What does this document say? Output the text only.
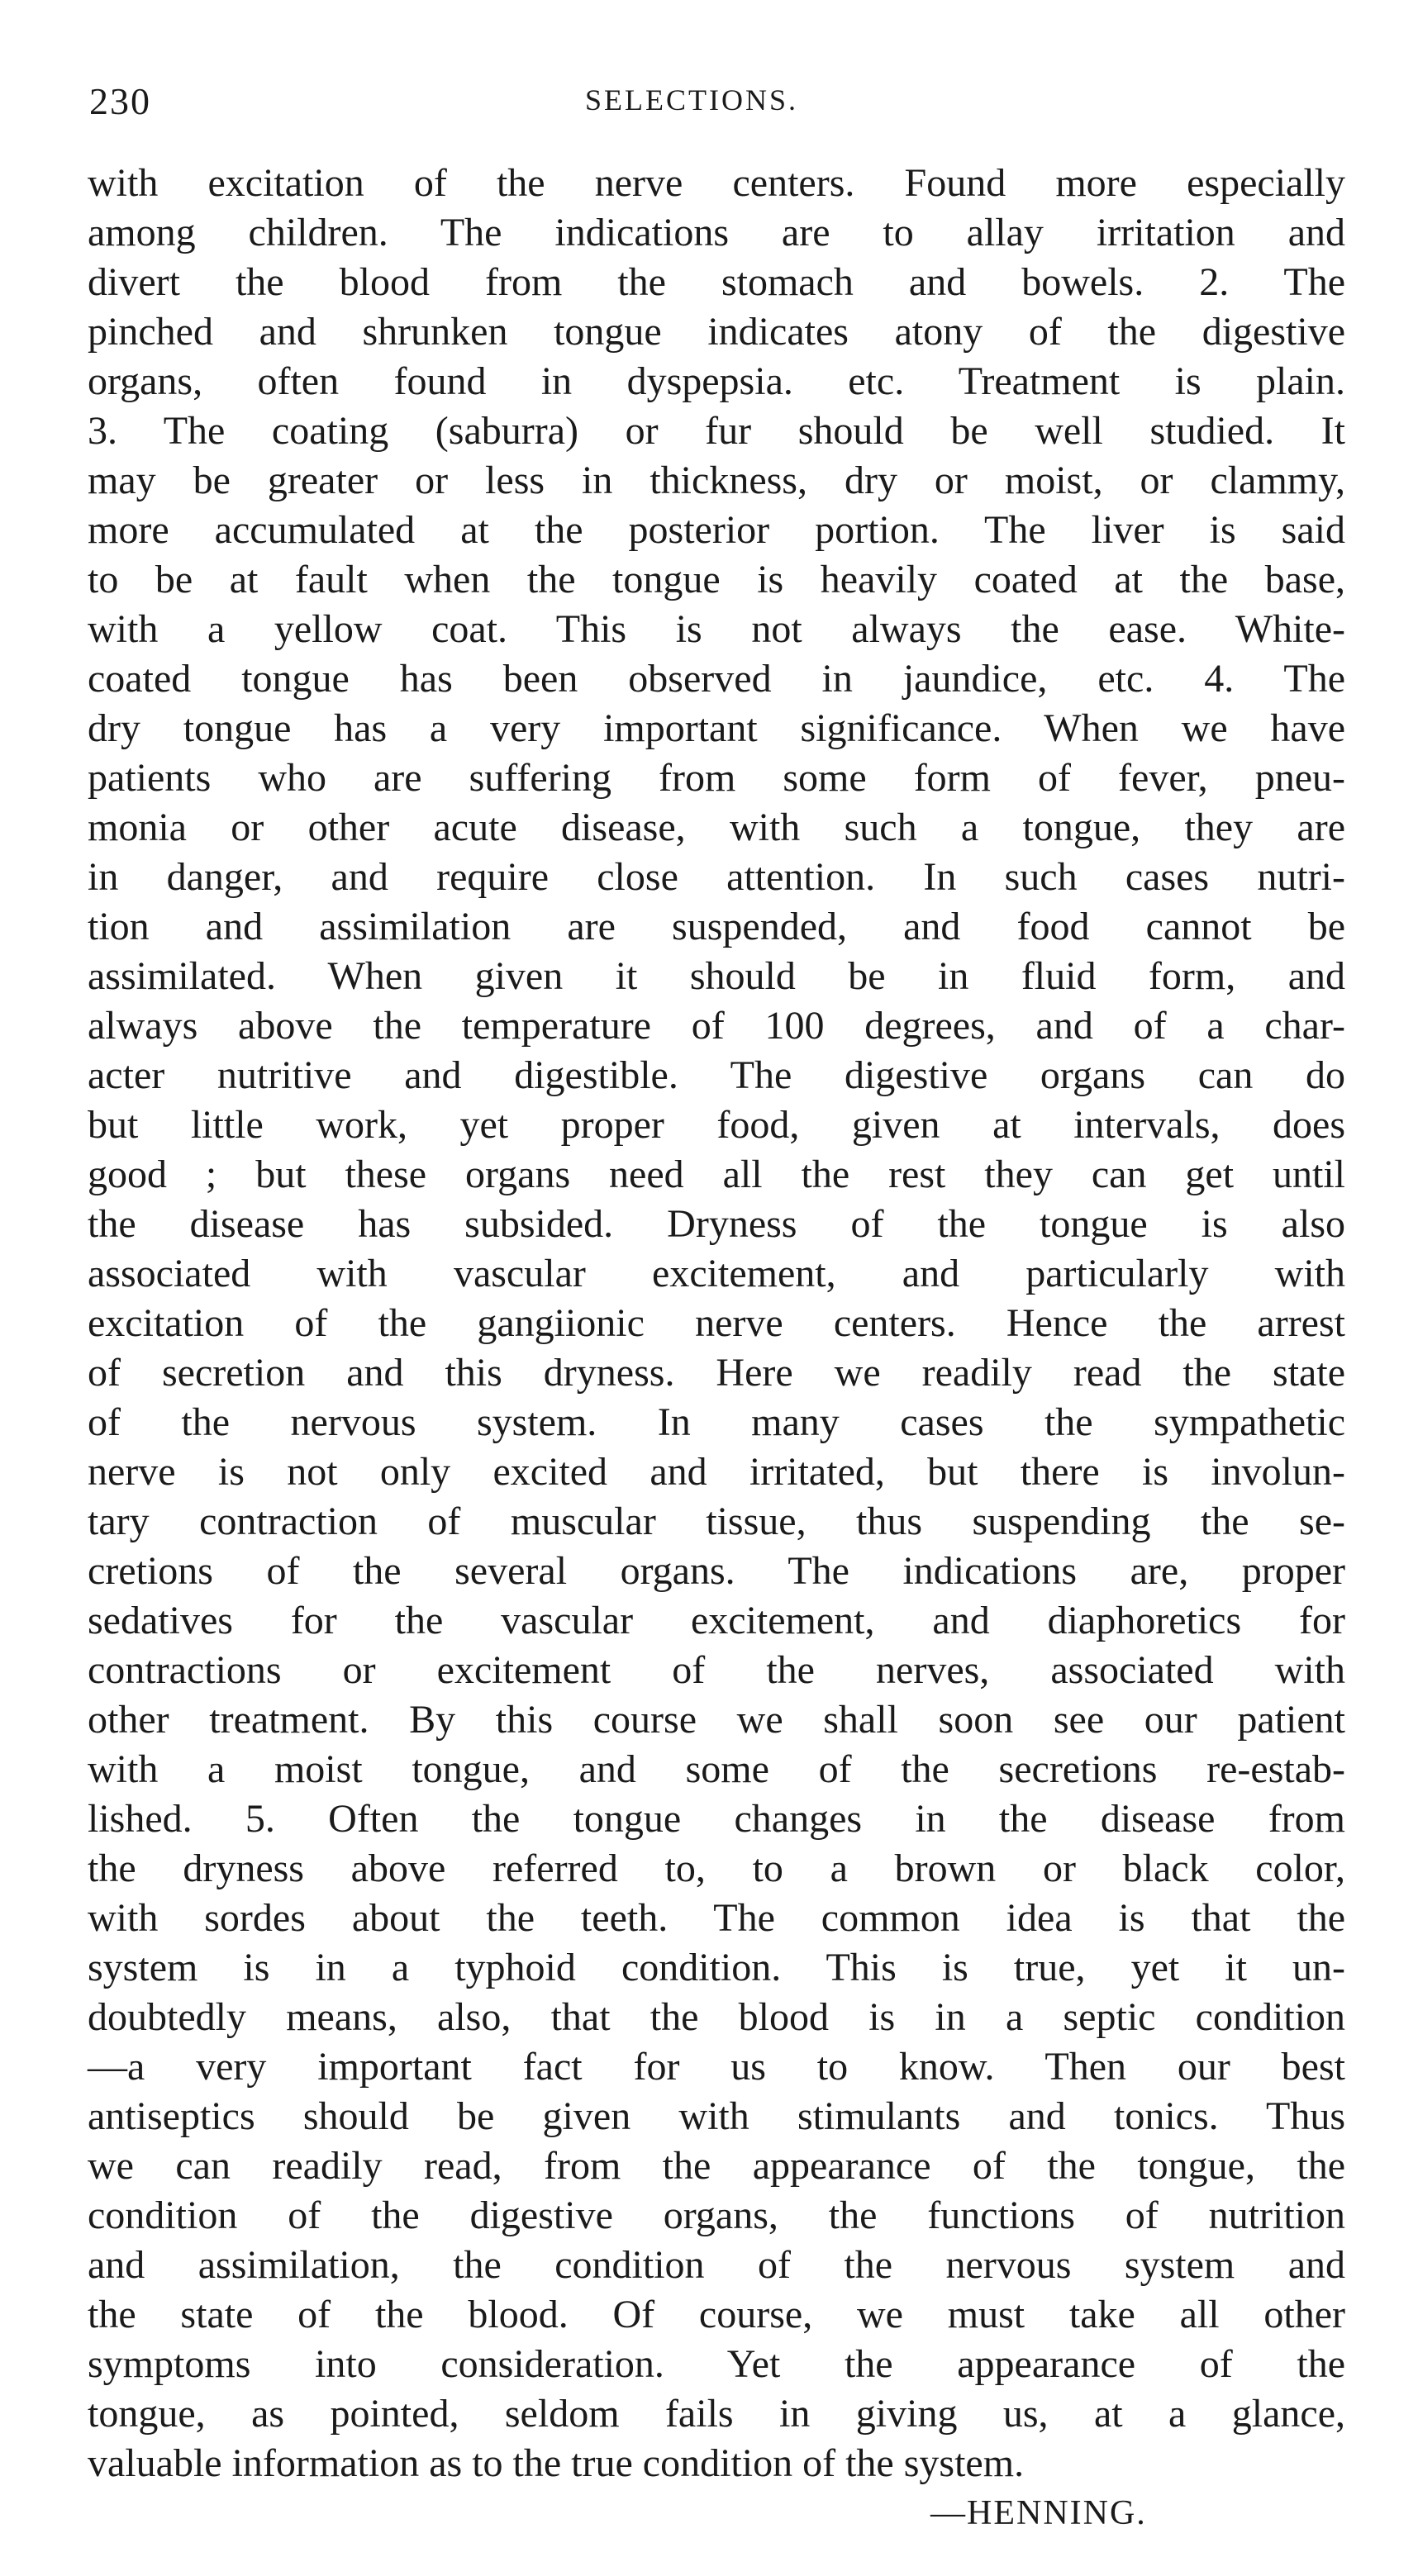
230	SELECTIONS.
with excitation of the nerve centers. Found more especially
among children. The indications are to allay irritation and
divert the blood from the stomach and bowels. 2. The
pinched and shrunken tongue indicates atony of the digestive
organs, often found in dyspepsia. etc. Treatment is plain.
3. The coating (saburra) or fur should be well studied. It
may be greater or less in thickness, dry or moist, or clammy,
more accumulated at the posterior portion. The liver is said
to be at fault when the tongue is heavily coated at the base,
with a yellow coat. This is not always the ease. White-
coated tongue has been observed in jaundice, etc. 4. The
dry tongue has a very important significance. When we have
patients who are suffering from some form of fever, pneu-
monia or other acute disease, with such a tongue, they are
in danger, and require close attention. In such cases nutri-
tion and assimilation are suspended, and food cannot be
assimilated. When given it should be in fluid form, and
always above the temperature of 100 degrees, and of a char-
acter nutritive and digestible. The digestive organs can do
but little work, yet proper food, given at intervals, does
good ; but these organs need all the rest they can get until
the disease has subsided. Dryness of the tongue is also
associated with vascular excitement, and particularly with
excitation of the gangiionic nerve centers. Hence the arrest
of secretion and this dryness. Here we readily read the state
of the nervous system. In many cases the sympathetic
nerve is not only excited and irritated, but there is involun-
tary contraction of muscular tissue, thus suspending the se-
cretions of the several organs. The indications are, proper
sedatives for the vascular excitement, and diaphoretics for
contractions or excitement of the nerves, associated with
other treatment. By this course we shall soon see our patient
with a moist tongue, and some of the secretions re-estab-
lished. 5. Often the tongue changes in the disease from
the dryness above referred to, to a brown or black color,
with sordes about the teeth. The common idea is that the
system is in a typhoid condition. This is true, yet it un-
doubtedly means, also, that the blood is in a septic condition
—a very important fact for us to know. Then our best
antiseptics should be given with stimulants and tonics. Thus
we can readily read, from the appearance of the tongue, the
condition of the digestive organs, the functions of nutrition
and assimilation, the condition of the nervous system and
the state of the blood. Of course, we must take all other
symptoms into consideration. Yet the appearance of the
tongue, as pointed, seldom fails in giving us, at a glance,
valuable information as to the true condition of the system.
—HENNING.
